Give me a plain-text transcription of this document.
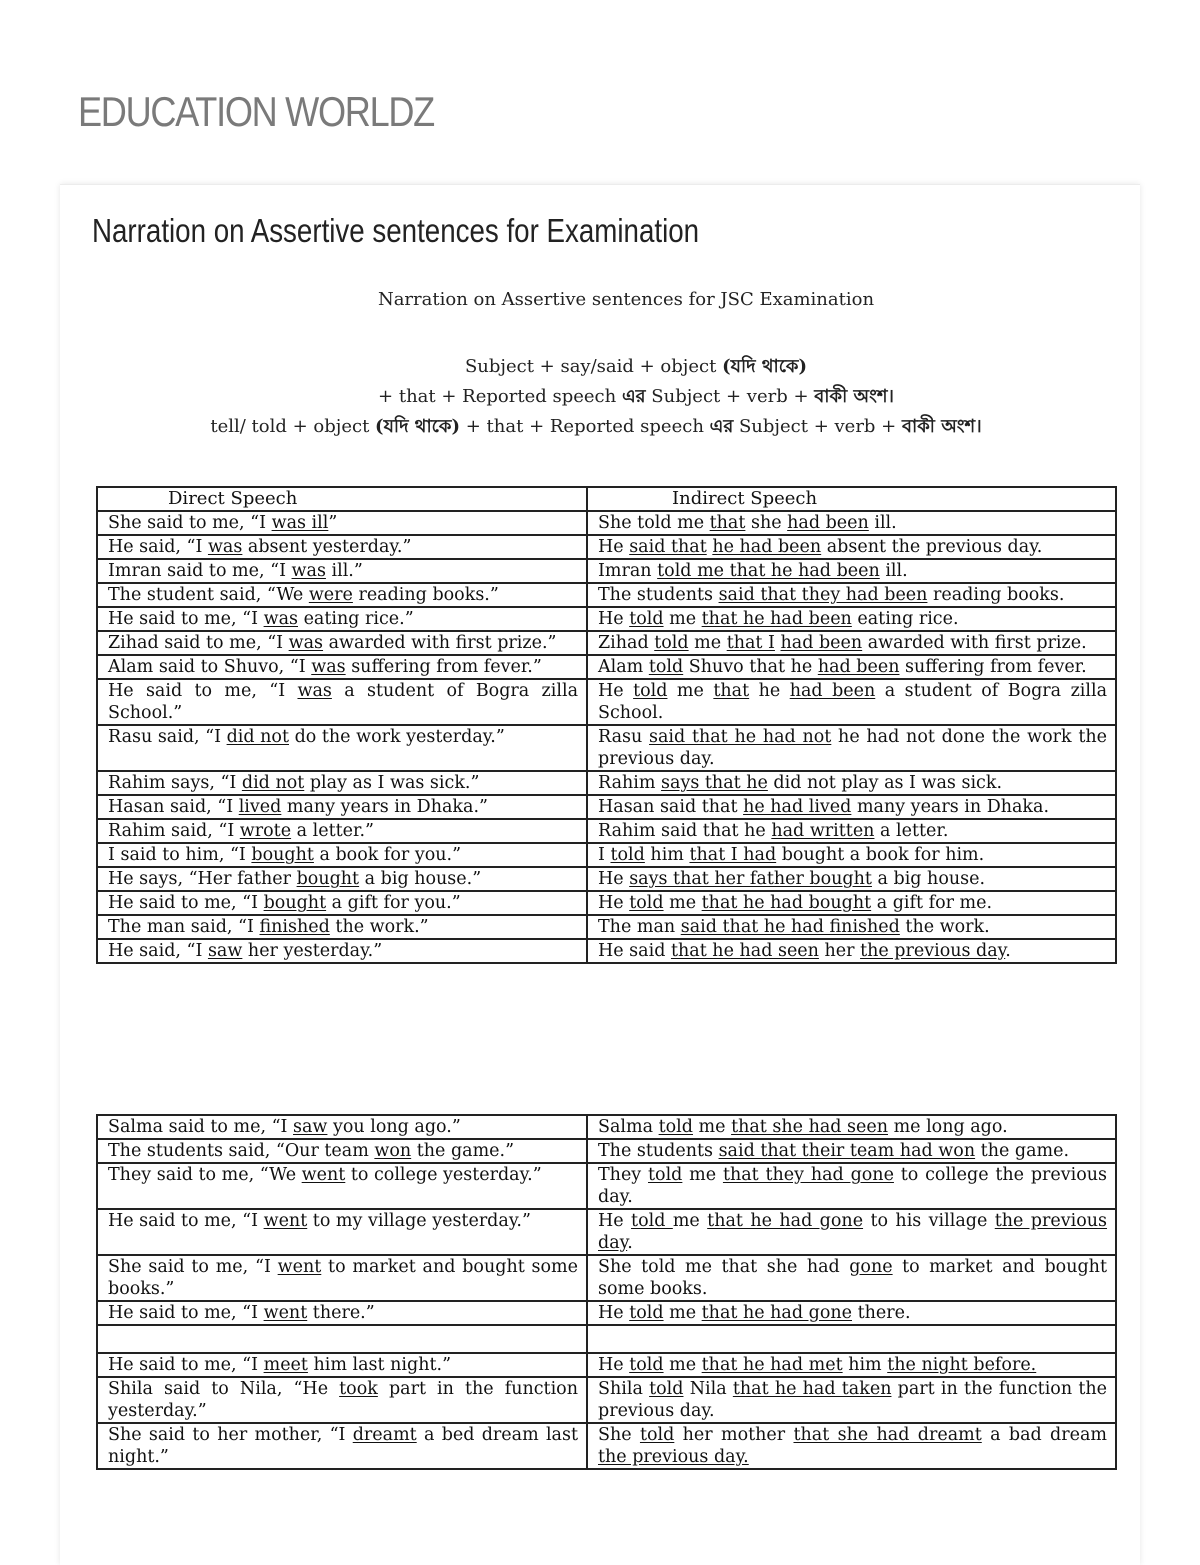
EDUCATION WORLDZ
Narration on Assertive sentences for Examination
Narration on Assertive sentences for JSC Examination
Subject + say/said + object (যদি থাকে)
+ that + Reported speech এর Subject + verb + বাকী অংশ।
tell/ told + object (যদি থাকে) + that + Reported speech এর Subject + verb + বাকী অংশ।
Direct Speech	Indirect Speech
She said to me, “I was ill”	She told me that she had been ill.
He said, “I was absent yesterday.”	He said that he had been absent the previous day.
Imran said to me, “I was ill.”	Imran told me that he had been ill.
The student said, “We were reading books.”	The students said that they had been reading books.
He said to me, “I was eating rice.”	He told me that he had been eating rice.
Zihad said to me, “I was awarded with first prize.”	Zihad told me that I had been awarded with first prize.
Alam said to Shuvo, “I was suffering from fever.”	Alam told Shuvo that he had been suffering from fever.
He said to me, “I was a student of Bogra zilla School.”	He told me that he had been a student of Bogra zilla School.
Rasu said, “I did not do the work yesterday.”	Rasu said that he had not he had not done the work the previous day.
Rahim says, “I did not play as I was sick.”	Rahim says that he did not play as I was sick.
Hasan said, “I lived many years in Dhaka.”	Hasan said that he had lived many years in Dhaka.
Rahim said, “I wrote a letter.”	Rahim said that he had written a letter.
I said to him, “I bought a book for you.”	I told him that I had bought a book for him.
He says, “Her father bought a big house.”	He says that her father bought a big house.
He said to me, “I bought a gift for you.”	He told me that he had bought a gift for me.
The man said, “I finished the work.”	The man said that he had finished the work.
He said, “I saw her yesterday.”	He said that he had seen her the previous day.
Salma said to me, “I saw you long ago.”	Salma told me that she had seen me long ago.
The students said, “Our team won the game.”	The students said that their team had won the game.
They said to me, “We went to college yesterday.”	They told me that they had gone to college the previous day.
He said to me, “I went to my village yesterday.”	He told me that he had gone to his village the previous day.
She said to me, “I went to market and bought some books.”	She told me that she had gone to market and bought some books.
He said to me, “I went there.”	He told me that he had gone there.

He said to me, “I meet him last night.”	He told me that he had met him the night before.
Shila said to Nila, “He took part in the function yesterday.”	Shila told Nila that he had taken part in the function the previous day.
She said to her mother, “I dreamt a bed dream last night.”	She told her mother that she had dreamt a bad dream the previous day.
